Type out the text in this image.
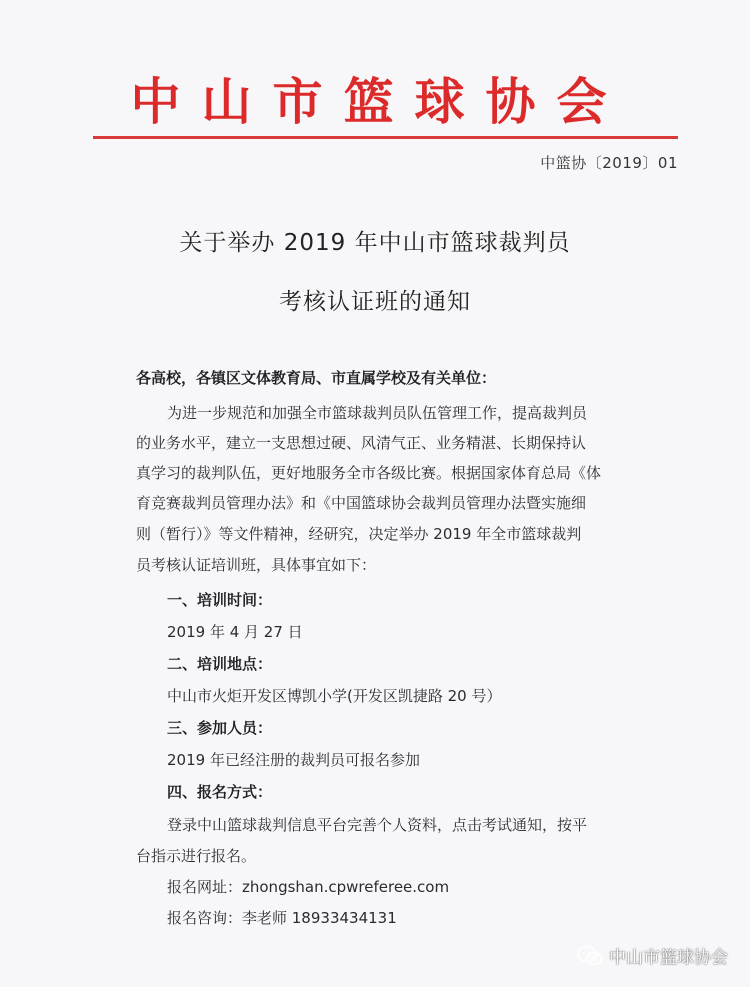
中山市篮球协会
中篮协〔2019〕01
关于举办 2019 年中山市篮球裁判员
考核认证班的通知
各高校，各镇区文体教育局、市直属学校及有关单位：
为进一步规范和加强全市篮球裁判员队伍管理工作，提高裁判员
的业务水平，建立一支思想过硬、风清气正、业务精湛、长期保持认
真学习的裁判队伍，更好地服务全市各级比赛。根据国家体育总局《体
育竞赛裁判员管理办法》和《中国篮球协会裁判员管理办法暨实施细
则（暂行）》等文件精神，经研究，决定举办 2019 年全市篮球裁判
员考核认证培训班，具体事宜如下：
一、培训时间：
2019 年 4 月 27 日
二、培训地点：
中山市火炬开发区博凯小学(开发区凯捷路 20 号）
三、参加人员：
2019 年已经注册的裁判员可报名参加
四、报名方式：
登录中山篮球裁判信息平台完善个人资料，点击考试通知，按平
台指示进行报名。
报名网址：zhongshan.cpwreferee.com
报名咨询：李老师 18933434131
中山市篮球协会
